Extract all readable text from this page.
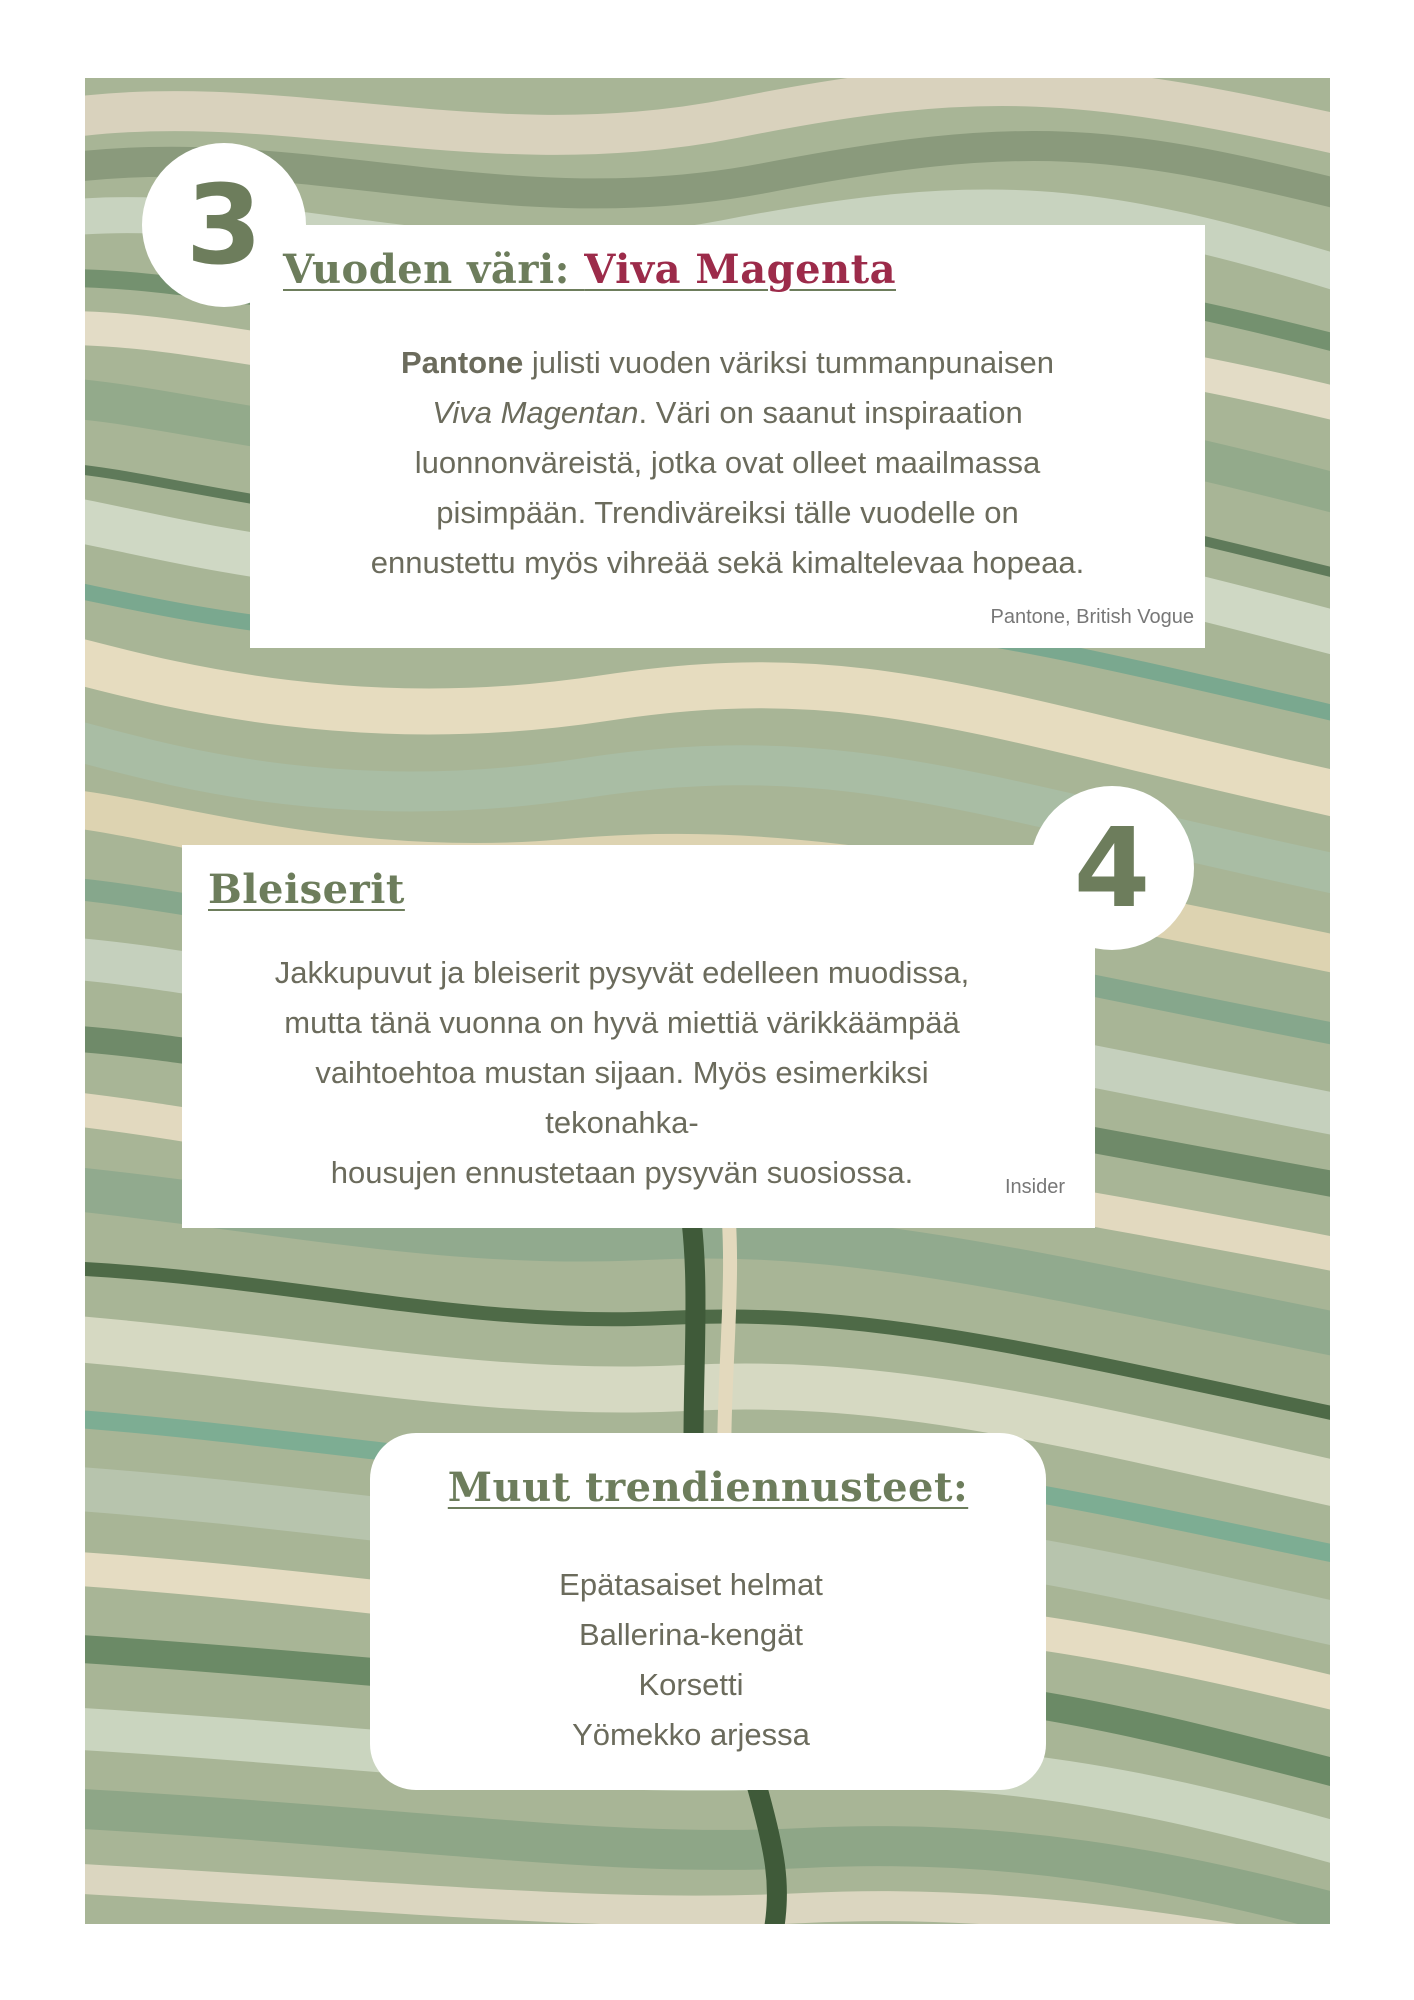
3 Vuoden väri: Viva Magenta
Pantone julisti vuoden väriksi tummanpunaisen
Viva Magentan. Väri on saanut inspiraation
luonnonväreistä, jotka ovat olleet maailmassa
pisimpään. Trendiväreiksi tälle vuodelle on
ennustettu myös vihreää sekä kimaltelevaa hopeaa.
Pantone, British Vogue
4
Bleiserit
Jakkupuvut ja bleiserit pysyvät edelleen muodissa,
mutta tänä vuonna on hyvä miettiä värikkäämpää
vaihtoehtoa mustan sijaan. Myös esimerkiksi
tekonahka-
housujen ennustetaan pysyvän suosiossa.	Insider
Muut trendiennusteet:
Epätasaiset helmat
Ballerina-kengät
Korsetti
Yömekko arjessa
